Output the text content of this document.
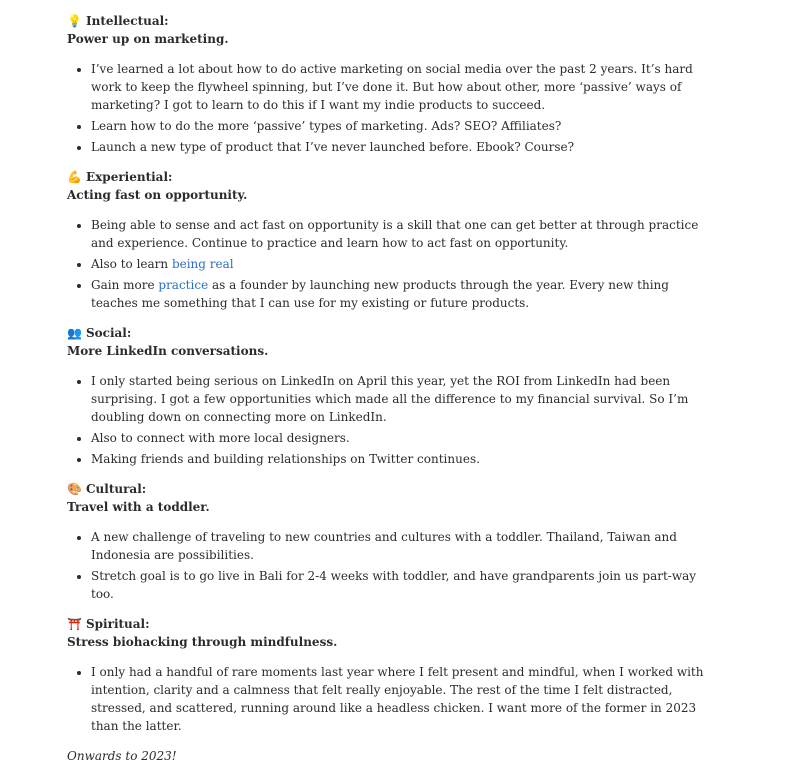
💡 Intellectual:

Power up on marketing.

• I’ve learned a lot about how to do active marketing on social media over the past 2 years. It’s hard work to keep the flywheel spinning, but I’ve done it. But how about other, more ‘passive’ ways of marketing? I got to learn to do this if I want my indie products to succeed.
• Learn how to do the more ‘passive’ types of marketing. Ads? SEO? Affiliates?
• Launch a new type of product that I’ve never launched before. Ebook? Course?

💪 Experiential:

Acting fast on opportunity.

• Being able to sense and act fast on opportunity is a skill that one can get better at through practice and experience. Continue to practice and learn how to act fast on opportunity.
• Also to learn being real
• Gain more practice as a founder by launching new products through the year. Every new thing teaches me something that I can use for my existing or future products.

👥 Social:

More LinkedIn conversations.

• I only started being serious on LinkedIn on April this year, yet the ROI from LinkedIn had been surprising. I got a few opportunities which made all the difference to my financial survival. So I’m doubling down on connecting more on LinkedIn.
• Also to connect with more local designers.
• Making friends and building relationships on Twitter continues.

🎨 Cultural:

Travel with a toddler.

• A new challenge of traveling to new countries and cultures with a toddler. Thailand, Taiwan and Indonesia are possibilities.
• Stretch goal is to go live in Bali for 2-4 weeks with toddler, and have grandparents join us part-way too.

⛩️ Spiritual:

Stress biohacking through mindfulness.

• I only had a handful of rare moments last year where I felt present and mindful, when I worked with intention, clarity and a calmness that felt really enjoyable. The rest of the time I felt distracted, stressed, and scattered, running around like a headless chicken. I want more of the former in 2023 than the latter.

Onwards to 2023!
